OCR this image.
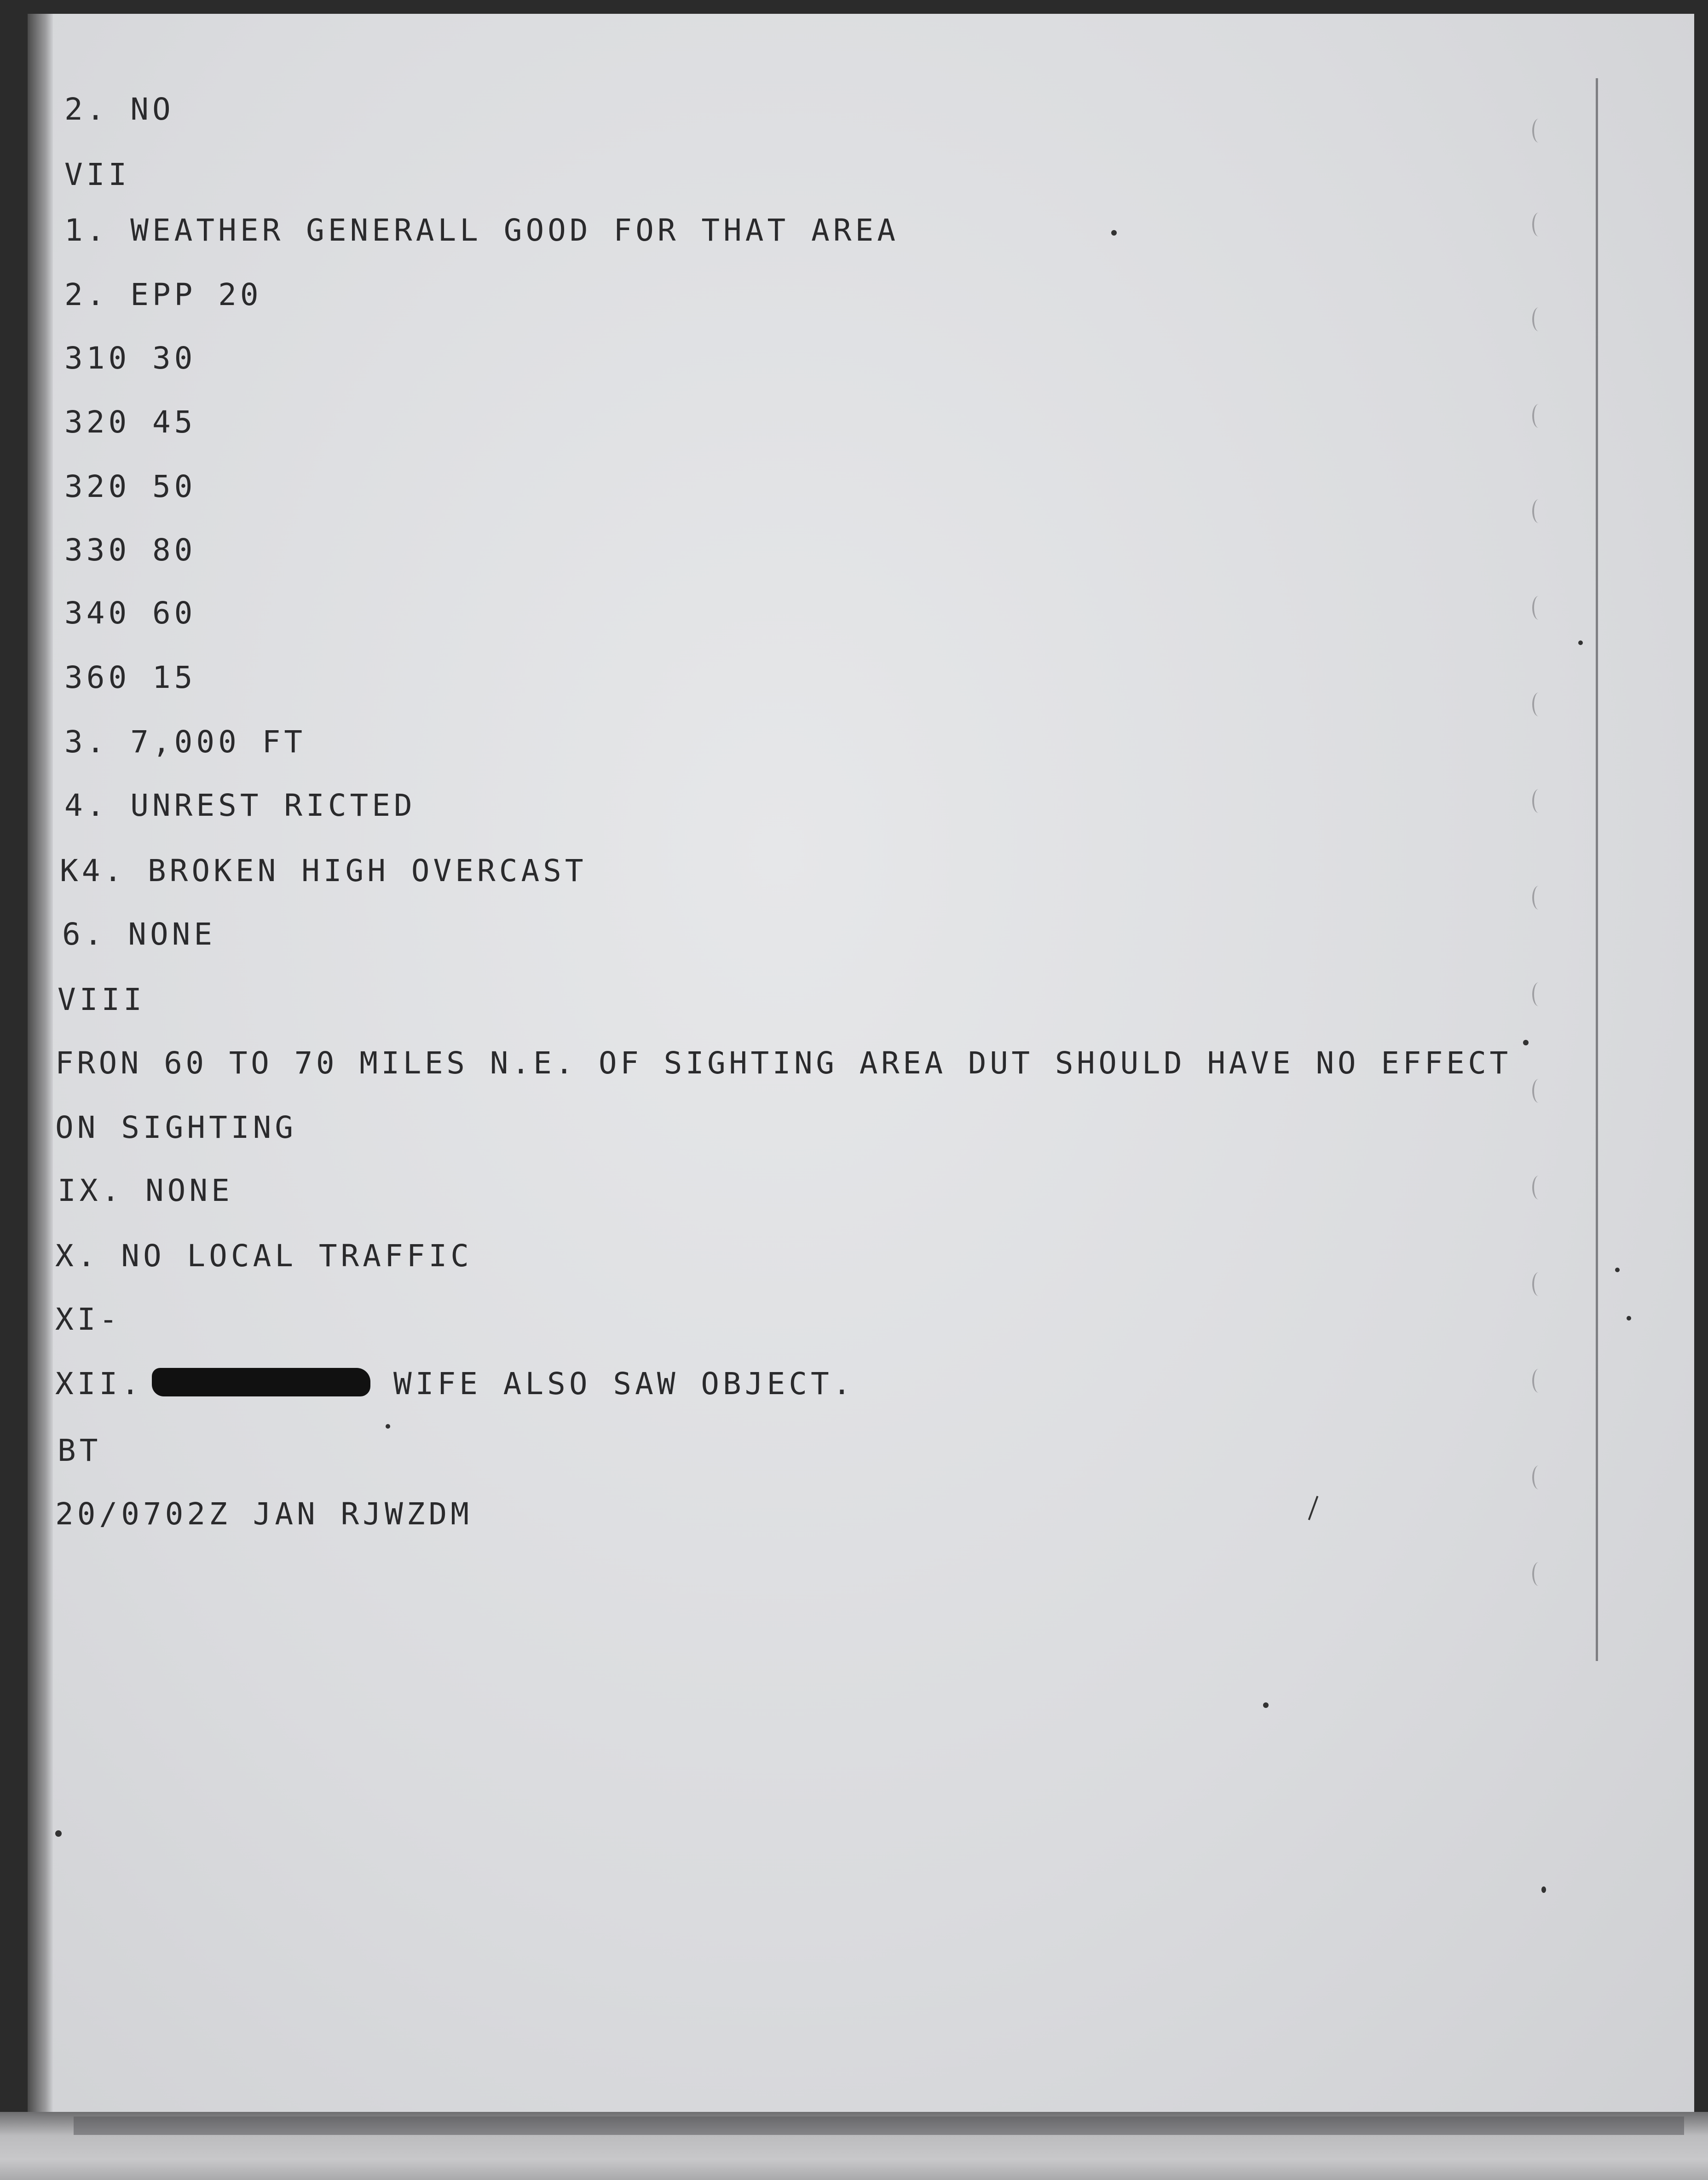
2. NO
VII
1. WEATHER GENERALL GOOD FOR THAT AREA
2. EPP 20
310 30
320 45
320 50
330 80
340 60
360 15
3. 7,000 FT
4. UNREST RICTED
K4. BROKEN HIGH OVERCAST
6. NONE
VIII
FRON 60 TO 70 MILES N.E. OF SIGHTING AREA DUT SHOULD HAVE NO EFFECT
ON SIGHTING
IX. NONE
X. NO LOCAL TRAFFIC
XI-
XII.	WIFE ALSO SAW OBJECT.
BT
20/0702Z JAN RJWZDM
